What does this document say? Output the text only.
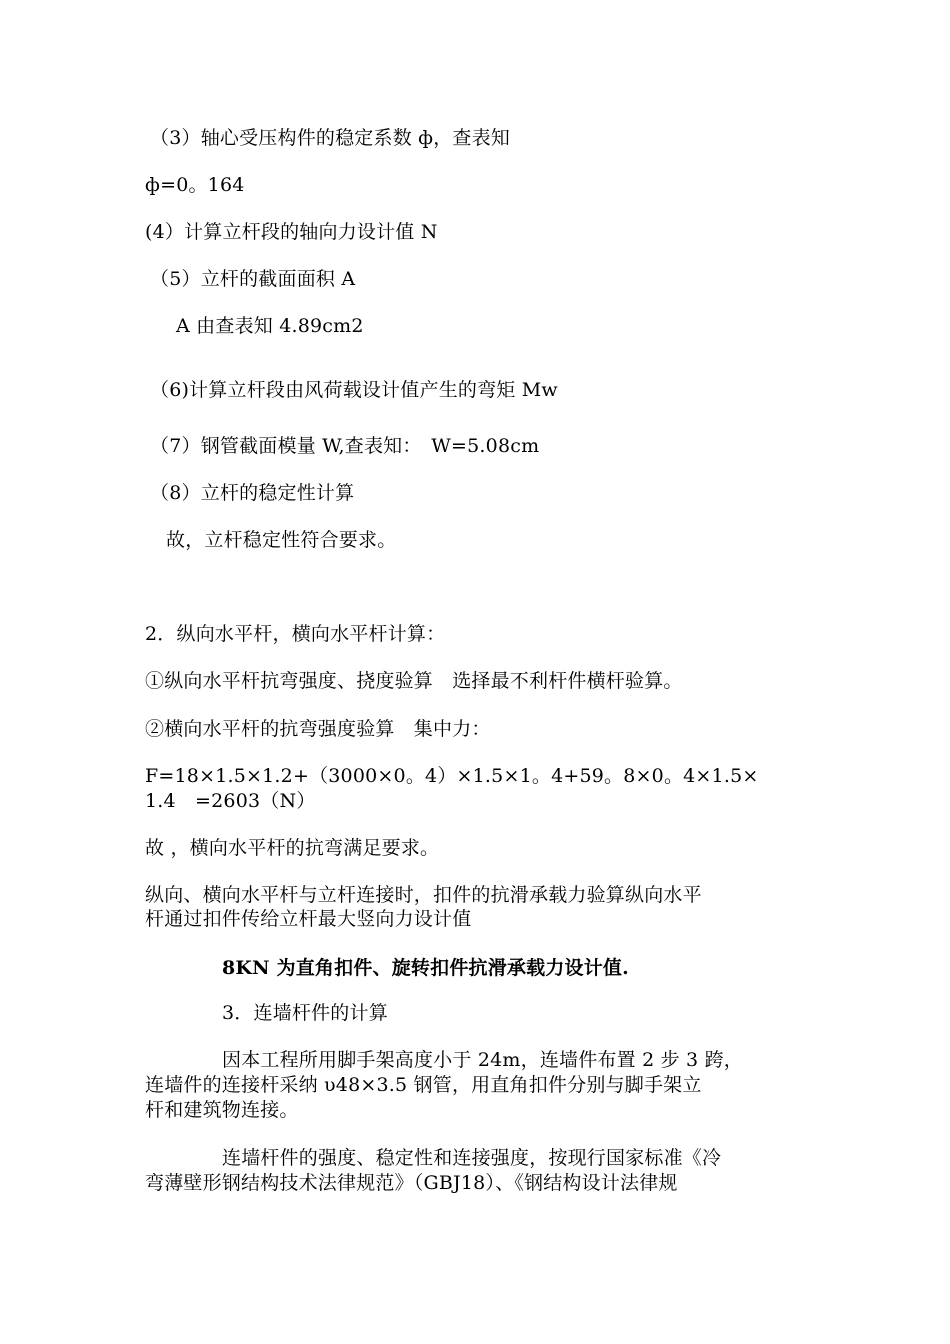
（3）轴心受压构件的稳定系数 ф，查表知
ф=0。164
(4）计算立杆段的轴向力设计值 N
（5）立杆的截面面积 A
A 由查表知 4.89cm2
（6)计算立杆段由风荷载设计值产生的弯矩 Mw
（7）钢管截面模量 W,查表知：　W=5.08cm
（8）立杆的稳定性计算
故，立杆稳定性符合要求。
2．纵向水平杆，横向水平杆计算：
①纵向水平杆抗弯强度、挠度验算　选择最不利杆件横杆验算。
②横向水平杆的抗弯强度验算　集中力：
F=18×1.5×1.2+（3000×0。4）×1.5×1。4+59。8×0。4×1.5×
1.4　=2603（N）
故 ，横向水平杆的抗弯满足要求。
纵向、横向水平杆与立杆连接时，扣件的抗滑承载力验算纵向水平
杆通过扣件传给立杆最大竖向力设计值
8KN 为直角扣件、旋转扣件抗滑承载力设计值.
3．连墙杆件的计算
因本工程所用脚手架高度小于 24m，连墙件布置 2 步 3 跨，
连墙件的连接杆采纳 υ48×3.5 钢管，用直角扣件分别与脚手架立
杆和建筑物连接。
连墙杆件的强度、稳定性和连接强度，按现行国家标准《冷
弯薄壁形钢结构技术法律规范》（GBJ18）、《钢结构设计法律规
